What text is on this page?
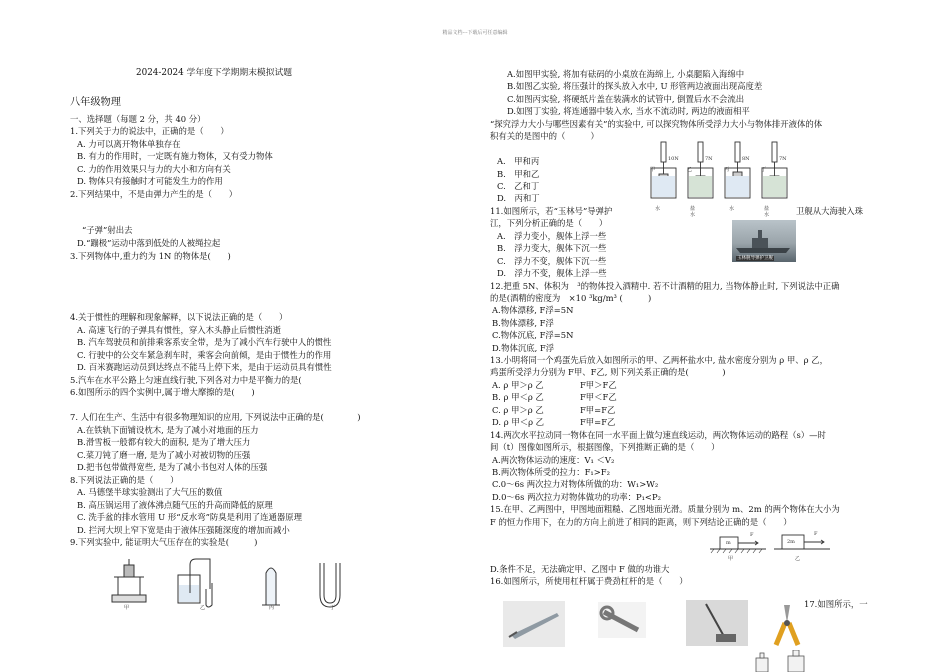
精品文档---下载后可任意编辑
2024-2024 学年度下学期期末模拟试题
八年级物理
一、选择题（每题 2 分，共 40 分）
1.下列关于力的说法中，正确的是（　　）
A. 力可以离开物体单独存在
B. 有力的作用时，一定既有施力物体，又有受力物体
C. 力的作用效果只与力的大小和方向有关
D. 物体只有接触时才可能发生力的作用
2.下列结果中，不是由弹力产生的是（　　）
“子弹”射出去
D.“蹦极”运动中落到低处的人被绳拉起
3.下列物体中,重力约为 1N 的物体是(　　)
4.关于惯性的理解和现象解释，以下说法正确的是（　　）
A. 高速飞行的子弹具有惯性，穿入木头静止后惯性消逝
B. 汽车驾驶员和前排乘客系安全带，是为了减小汽车行驶中人的惯性
C. 行驶中的公交车紧急刹车时，乘客会向前倾，是由于惯性力的作用
D. 百米赛跑运动员到达终点不能马上停下来，是由于运动员具有惯性
5.汽车在水平公路上匀速直线行驶,下列各对力中是平衡力的是(
6.如图所示的四个实例中,属于增大摩擦的是(　　)
7. 人们在生产、生活中有很多物理知识的应用, 下列说法中正确的是(　　　　)
A.在铁轨下面铺设枕木, 是为了减小对地面的压力
B.滑雪板一般都有较大的面积, 是为了增大压力
C.菜刀钝了磨一磨, 是为了减小对被切物的压强
D.把书包带做得宽些, 是为了减小书包对人体的压强
8.下列说法正确的是（　　）
A. 马德堡半球实验测出了大气压的数值
B. 高压锅运用了液体沸点随气压的升高而降低的原理
C. 洗手盆的排水管用 U 形“反水弯”防臭是利用了连通器原理
D. 拦河大坝上窄下宽是由于液体压强随深度的增加而减小
9.下列实验中, 能证明大气压存在的实验是(　　　)
甲	乙	丙	丁
A.如图甲实验, 将加有砝码的小桌放在海绵上, 小桌腿陷入海绵中
B.如图乙实验, 将压强计的探头放入水中, U 形管两边液面出现高度差
C.如图丙实验, 将硬纸片盖在装满水的试管中, 倒置后水不会流出
D.如图丁实验, 将连通器中装入水, 当水不流动时, 两边的液面相平
“探究浮力大小与哪些因素有关”的实验中, 可以探究物体所受浮力大小与物体排开液体的体
积有关的是图中的（　　　）
A.　甲和丙
B.　甲和乙
C.　乙和丁
D.　丙和丁
10N	7N	8N	7N
甲	乙	丙	丁
水	盐水
水	盐水
11.如图所示，若“玉林号”导弹护	卫舰从大海驶入珠
江，下列分析正确的是（　　）
A.　浮力变小，舰体上浮一些
B.　浮力变大，舰体下沉一些
C.　浮力不变，舰体下沉一些
D.　浮力不变，舰体上浮一些
玉林舰导弹护卫舰
12.把重 5N、体积为　³的物体投入酒精中. 若不计酒精的阻力, 当物体静止时, 下列说法中正确
的是(酒精的密度为　×10 ³kg/m³ (　　　)
A.物体漂移, F浮=5N
B.物体漂移, F浮
C.物体沉底, F浮=5N
D.物体沉底, F浮
13.小明将同一个鸡蛋先后放入如图所示的甲、乙两杯盐水中, 盐水密度分别为 ρ 甲、ρ 乙，
鸡蛋所受浮力分别为 F甲、F乙, 则下列关系正确的是(　　　　)
A. ρ 甲＞ρ 乙	F甲＞F乙
B. ρ 甲＜ρ 乙	F甲＜F乙
C. ρ 甲＞ρ 乙	F甲=F乙
D. ρ 甲＜ρ 乙	F甲=F乙
14.两次水平拉动同一物体在同一水平面上做匀速直线运动，两次物体运动的路程（s）—时
间（t）图像如图所示，根据图像，下列推断正确的是（　　）
A.两次物体运动的速度：V₁ ＜V₂
B.两次物体所受的拉力：F₁>F₂
C.0～6s 两次拉力对物体所做的功：W₁>W₂
D.0～6s 两次拉力对物体做功的功率：P₁<P₂
15.在甲、乙两图中，甲图地面粗糙、乙图地面光滑。质量分别为 m、2m 的两个物体在大小为
F 的恒力作用下，在力的方向上前进了相同的距离，则下列结论正确的是（　　）
m	2m
F	F
甲	乙
D.条件不足，无法确定甲、乙图中 F 做的功谁大
16.如图所示，所使用杠杆属于费劲杠杆的是（　　）
17.如图所示，一
